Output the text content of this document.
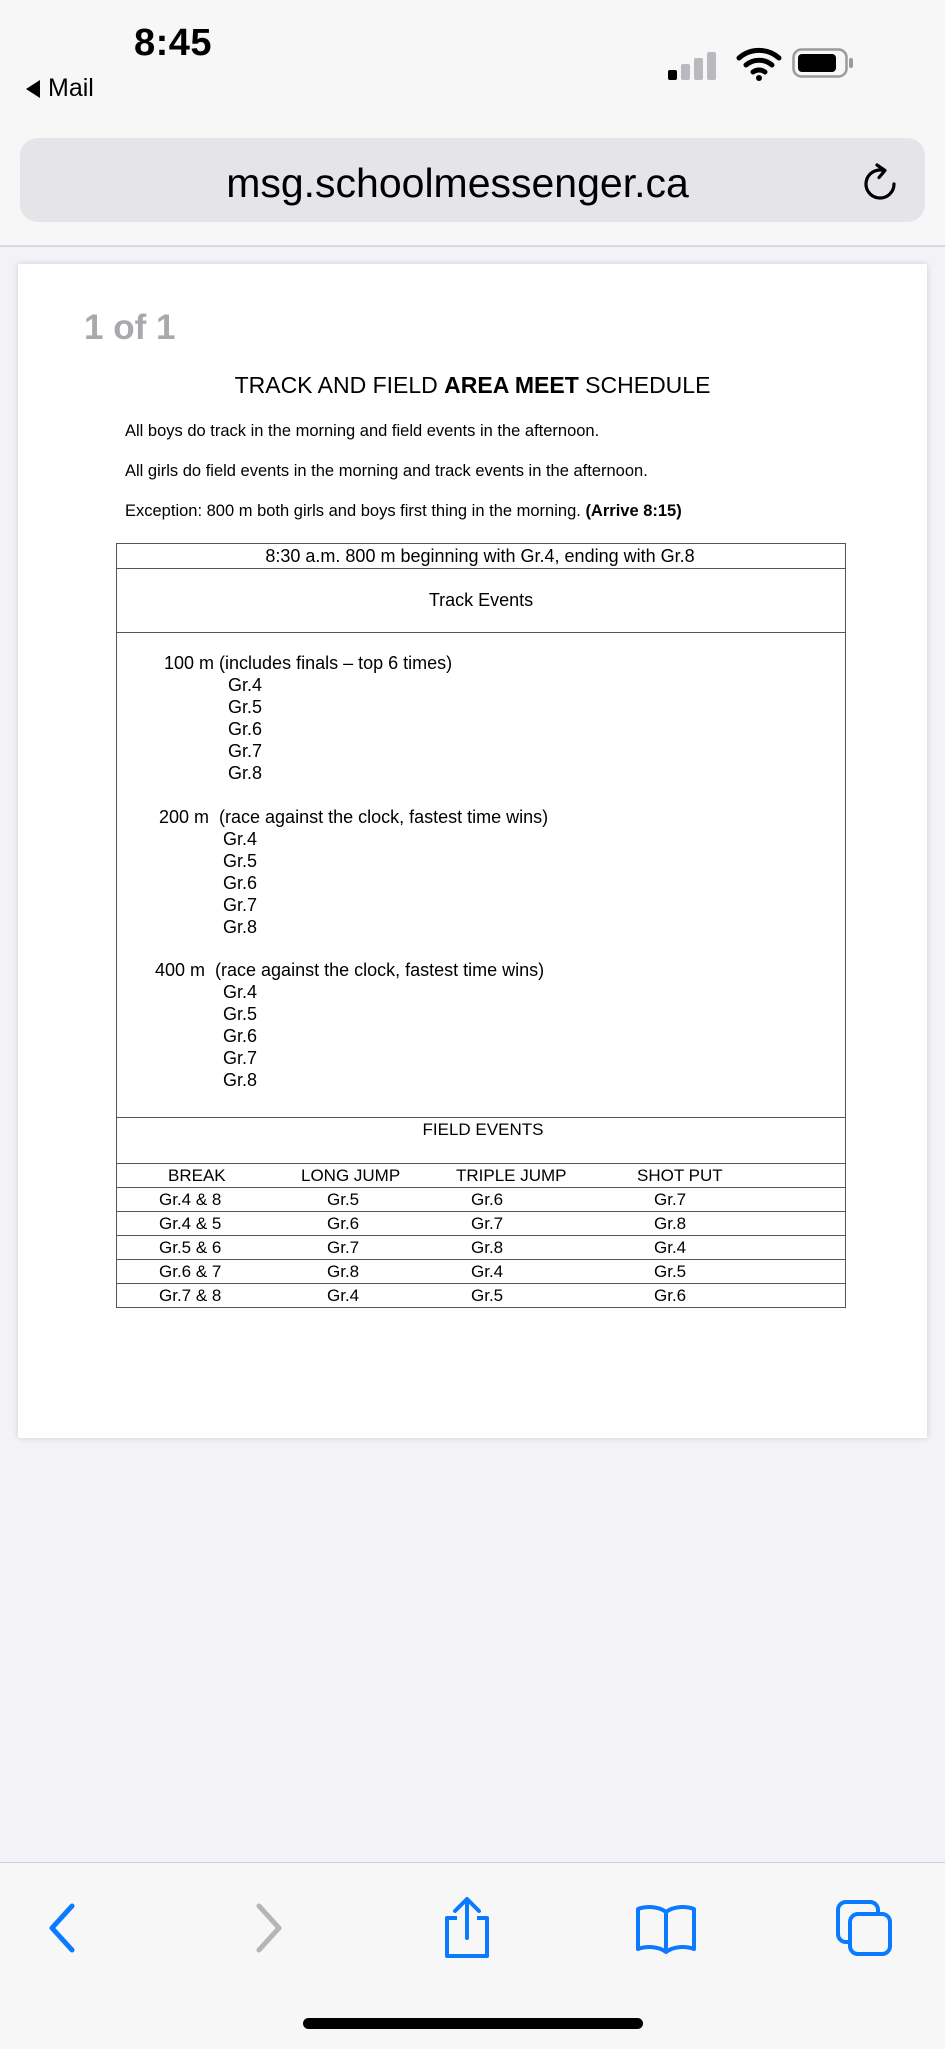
8:45
Mail
msg.schoolmessenger.ca
1 of 1
TRACK AND FIELD AREA MEET SCHEDULE
All boys do track in the morning and field events in the afternoon.
All girls do field events in the morning and track events in the afternoon.
Exception: 800 m both girls and boys first thing in the morning. (Arrive 8:15)
8:30 a.m. 800 m beginning with Gr.4, ending with Gr.8
Track Events
100 m (includes finals – top 6 times)
Gr.4
Gr.5
Gr.6
Gr.7
Gr.8
200 m  (race against the clock, fastest time wins)
Gr.4
Gr.5
Gr.6
Gr.7
Gr.8
400 m  (race against the clock, fastest time wins)
Gr.4
Gr.5
Gr.6
Gr.7
Gr.8
FIELD EVENTS
BREAK	LONG JUMP	TRIPLE JUMP	SHOT PUT
Gr.4 & 8	Gr.5	Gr.6	Gr.7
Gr.4 & 5	Gr.6	Gr.7	Gr.8
Gr.5 & 6	Gr.7	Gr.8	Gr.4
Gr.6 & 7	Gr.8	Gr.4	Gr.5
Gr.7 & 8	Gr.4	Gr.5	Gr.6
